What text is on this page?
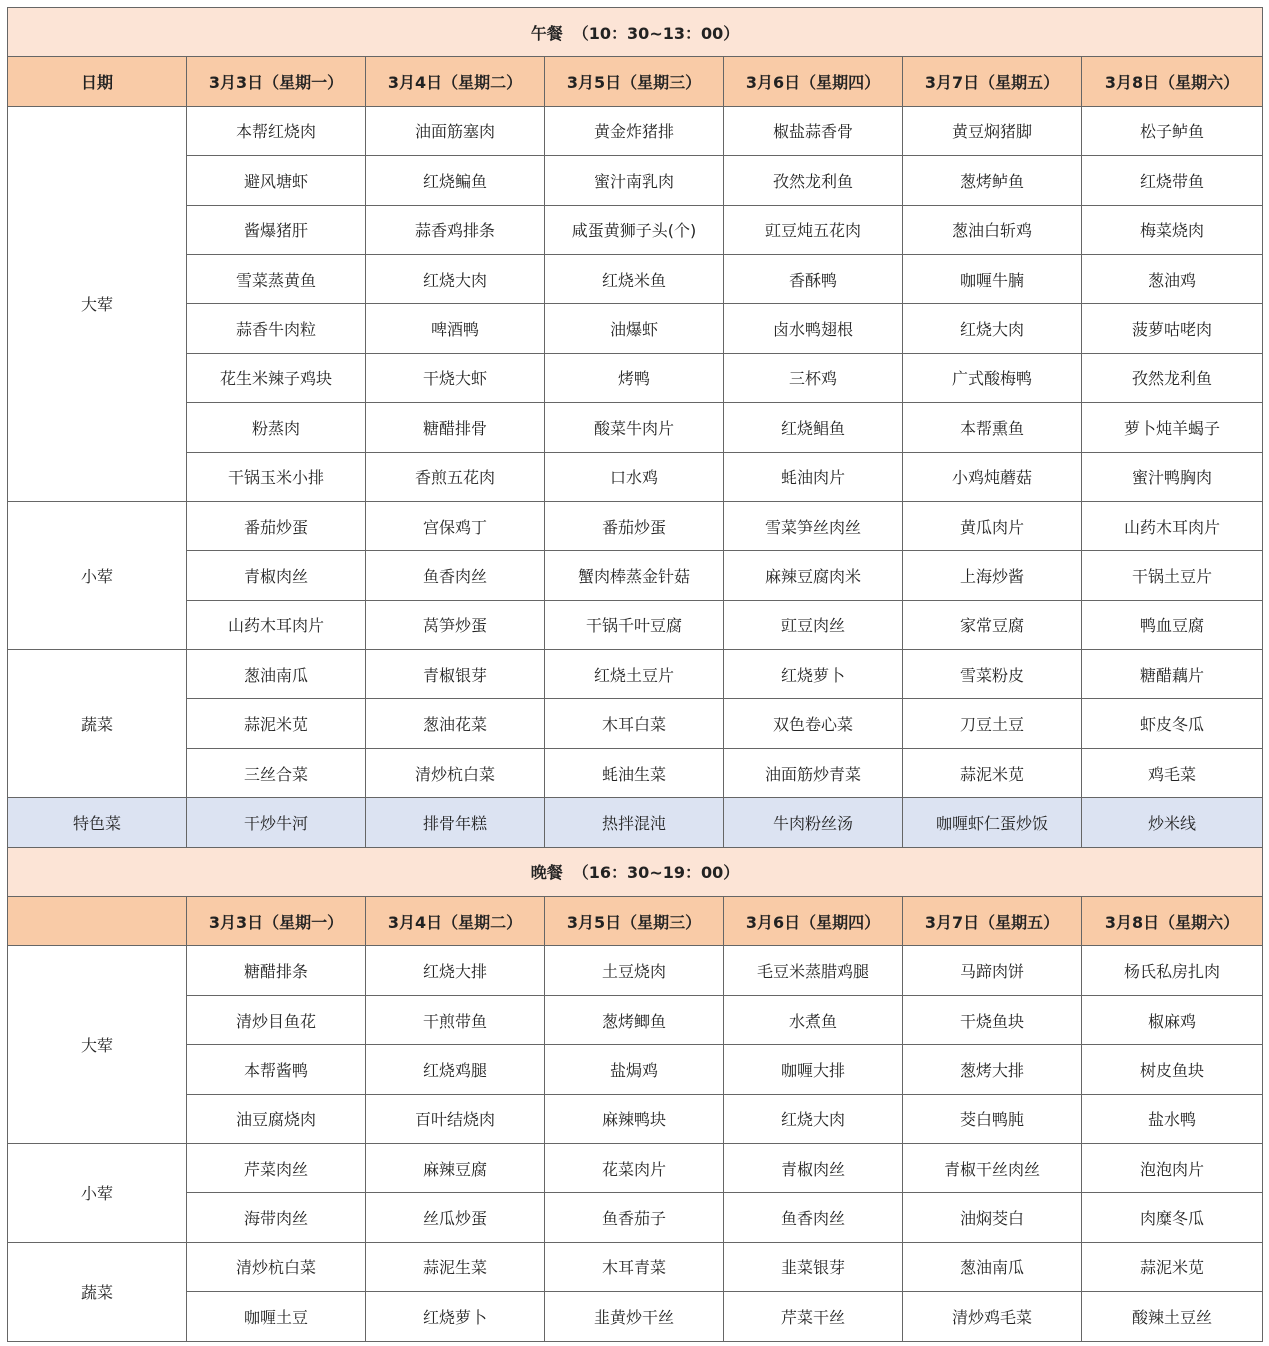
午餐 （10：30~13：00）						
日期	3月3日（星期一）	3月4日（星期二）	3月5日（星期三）	3月6日（星期四）	3月7日（星期五）	3月8日（星期六）
大荤	本帮红烧肉	油面筋塞肉	黄金炸猪排	椒盐蒜香骨	黄豆焖猪脚	松子鲈鱼
	避风塘虾	红烧鳊鱼	蜜汁南乳肉	孜然龙利鱼	葱烤鲈鱼	红烧带鱼
	酱爆猪肝	蒜香鸡排条	咸蛋黄狮子头(个)	豇豆炖五花肉	葱油白斩鸡	梅菜烧肉
	雪菜蒸黄鱼	红烧大肉	红烧米鱼	香酥鸭	咖喱牛腩	葱油鸡
	蒜香牛肉粒	啤酒鸭	油爆虾	卤水鸭翅根	红烧大肉	菠萝咕咾肉
	花生米辣子鸡块	干烧大虾	烤鸭	三杯鸡	广式酸梅鸭	孜然龙利鱼
	粉蒸肉	糖醋排骨	酸菜牛肉片	红烧鲳鱼	本帮熏鱼	萝卜炖羊蝎子
	干锅玉米小排	香煎五花肉	口水鸡	蚝油肉片	小鸡炖蘑菇	蜜汁鸭胸肉
小荤	番茄炒蛋	宫保鸡丁	番茄炒蛋	雪菜笋丝肉丝	黄瓜肉片	山药木耳肉片
	青椒肉丝	鱼香肉丝	蟹肉棒蒸金针菇	麻辣豆腐肉米	上海炒酱	干锅土豆片
	山药木耳肉片	莴笋炒蛋	干锅千叶豆腐	豇豆肉丝	家常豆腐	鸭血豆腐
蔬菜	葱油南瓜	青椒银芽	红烧土豆片	红烧萝卜	雪菜粉皮	糖醋藕片
	蒜泥米苋	葱油花菜	木耳白菜	双色卷心菜	刀豆土豆	虾皮冬瓜
	三丝合菜	清炒杭白菜	蚝油生菜	油面筋炒青菜	蒜泥米苋	鸡毛菜
特色菜	干炒牛河	排骨年糕	热拌混沌	牛肉粉丝汤	咖喱虾仁蛋炒饭	炒米线
晚餐 （16：30~19：00）						
	3月3日（星期一）	3月4日（星期二）	3月5日（星期三）	3月6日（星期四）	3月7日（星期五）	3月8日（星期六）
大荤	糖醋排条	红烧大排	土豆烧肉	毛豆米蒸腊鸡腿	马蹄肉饼	杨氏私房扎肉
	清炒目鱼花	干煎带鱼	葱烤鲫鱼	水煮鱼	干烧鱼块	椒麻鸡
	本帮酱鸭	红烧鸡腿	盐焗鸡	咖喱大排	葱烤大排	树皮鱼块
	油豆腐烧肉	百叶结烧肉	麻辣鸭块	红烧大肉	茭白鸭肫	盐水鸭
小荤	芹菜肉丝	麻辣豆腐	花菜肉片	青椒肉丝	青椒干丝肉丝	泡泡肉片
	海带肉丝	丝瓜炒蛋	鱼香茄子	鱼香肉丝	油焖茭白	肉糜冬瓜
蔬菜	清炒杭白菜	蒜泥生菜	木耳青菜	韭菜银芽	葱油南瓜	蒜泥米苋
	咖喱土豆	红烧萝卜	韭黄炒干丝	芹菜干丝	清炒鸡毛菜	酸辣土豆丝
